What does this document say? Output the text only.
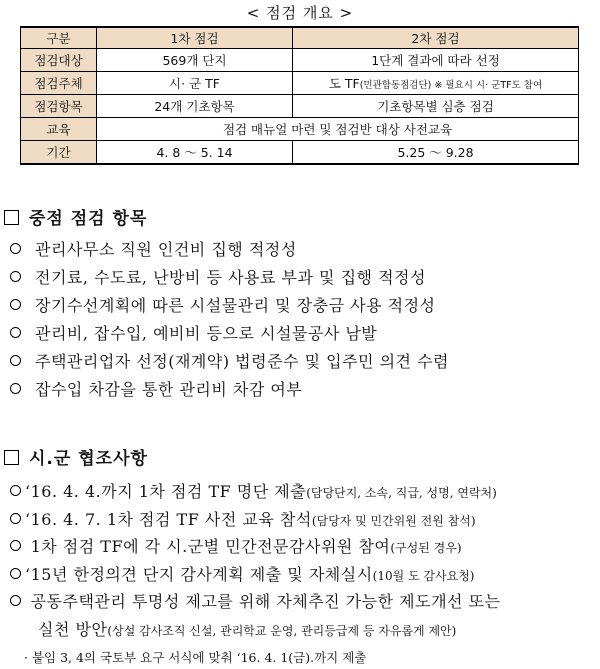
< 점검 개요 >
구분	1차 점검	2차 점검
점검대상	569개 단지	1단계 결과에 따라 선정
점검주체	시· 군 TF	도 TF(민관합동점검단) ※ 필요시 시· 군TF도 참여
점검항목	24개 기초항목	기초항목별 심층 점검
교육	점검 매뉴얼 마련 및 점검반 대상 사전교육	
기간	4. 8 ～ 5. 14	5.25 ～ 9.28
중점 점검 항목
관리사무소 직원 인건비 집행 적정성
전기료, 수도료, 난방비 등 사용료 부과 및 집행 적정성
장기수선계획에 따른 시설물관리 및 장충금 사용 적정성
관리비, 잡수입, 예비비 등으로 시설물공사 남발
주택관리업자 선정(재계약) 법령준수 및 입주민 의견 수렴
잡수입 차감을 통한 관리비 차감 여부
시.군 협조사항
‘16. 4. 4.까지 1차 점검 TF 명단 제출(담당단지, 소속, 직급, 성명, 연락처)
‘16. 4. 7. 1차 점검 TF 사전 교육 참석(담당자 및 민간위원 전원 참석)
1차 점검 TF에 각 시.군별 민간전문감사위원 참여(구성된 경우)
‘15년 한정의견 단지 감사계획 제출 및 자체실시(10월 도 감사요청)
공동주택관리 투명성 제고를 위해 자체추진 가능한 제도개선 또는
실천 방안(상설 감사조직 신설, 관리학교 운영, 관리등급제 등 자유롭게 제안)
· 붙임 3, 4의 국토부 요구 서식에 맞춰 ‘16. 4. 1(금).까지 제출
